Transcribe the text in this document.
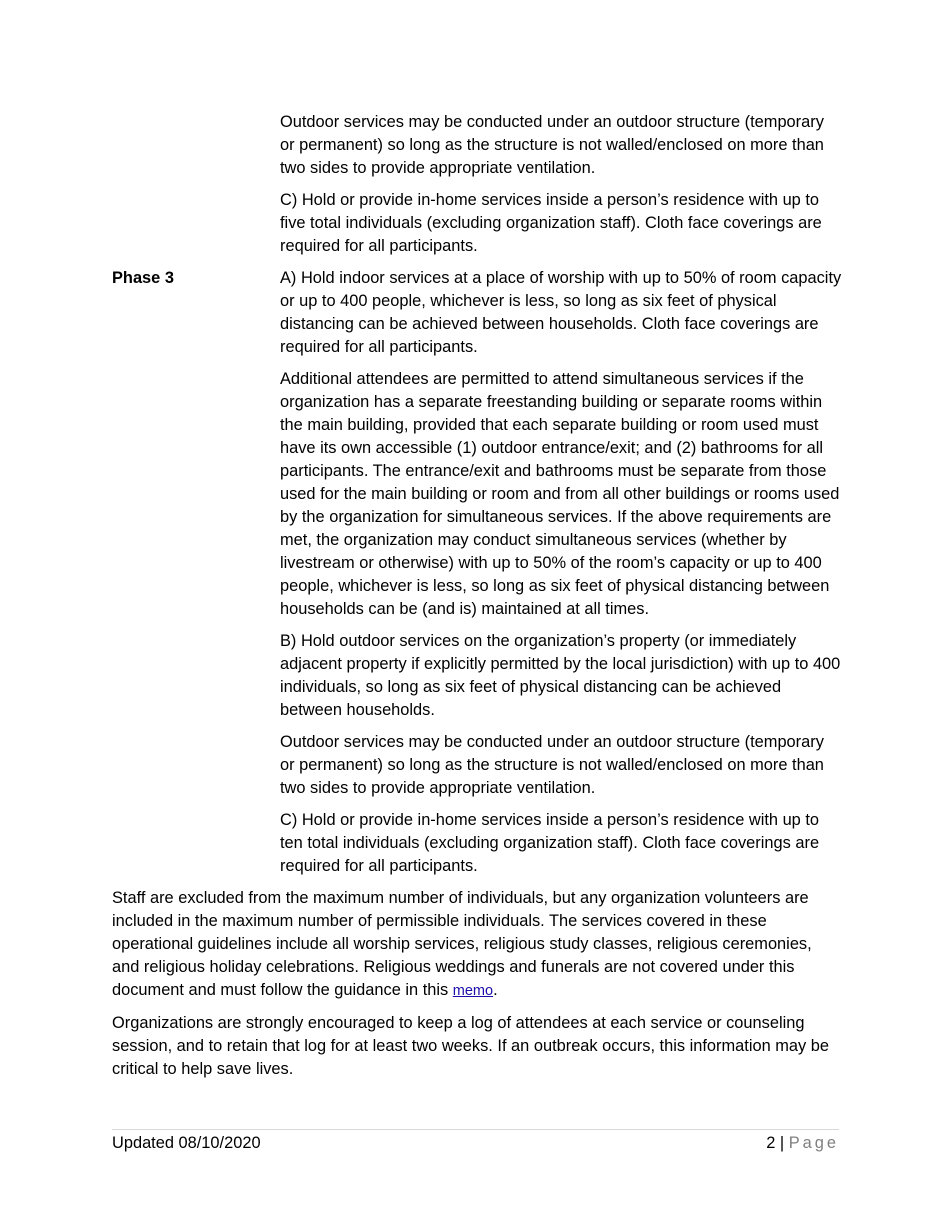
Outdoor services may be conducted under an outdoor structure (temporary or permanent) so long as the structure is not walled/enclosed on more than two sides to provide appropriate ventilation.

C) Hold or provide in-home services inside a person’s residence with up to five total individuals (excluding organization staff). Cloth face coverings are required for all participants.

Phase 3	A) Hold indoor services at a place of worship with up to 50% of room capacity or up to 400 people, whichever is less, so long as six feet of physical distancing can be achieved between households. Cloth face coverings are required for all participants.

Additional attendees are permitted to attend simultaneous services if the organization has a separate freestanding building or separate rooms within the main building, provided that each separate building or room used must have its own accessible (1) outdoor entrance/exit; and (2) bathrooms for all participants. The entrance/exit and bathrooms must be separate from those used for the main building or room and from all other buildings or rooms used by the organization for simultaneous services. If the above requirements are met, the organization may conduct simultaneous services (whether by livestream or otherwise) with up to 50% of the room’s capacity or up to 400 people, whichever is less, so long as six feet of physical distancing between households can be (and is) maintained at all times.

B) Hold outdoor services on the organization’s property (or immediately adjacent property if explicitly permitted by the local jurisdiction) with up to 400 individuals, so long as six feet of physical distancing can be achieved between households.

Outdoor services may be conducted under an outdoor structure (temporary or permanent) so long as the structure is not walled/enclosed on more than two sides to provide appropriate ventilation.

C) Hold or provide in-home services inside a person’s residence with up to ten total individuals (excluding organization staff). Cloth face coverings are required for all participants.

Staff are excluded from the maximum number of individuals, but any organization volunteers are included in the maximum number of permissible individuals. The services covered in these operational guidelines include all worship services, religious study classes, religious ceremonies, and religious holiday celebrations. Religious weddings and funerals are not covered under this document and must follow the guidance in this memo.

Organizations are strongly encouraged to keep a log of attendees at each service or counseling session, and to retain that log for at least two weeks. If an outbreak occurs, this information may be critical to help save lives.

Updated 08/10/2020	2 | Page
